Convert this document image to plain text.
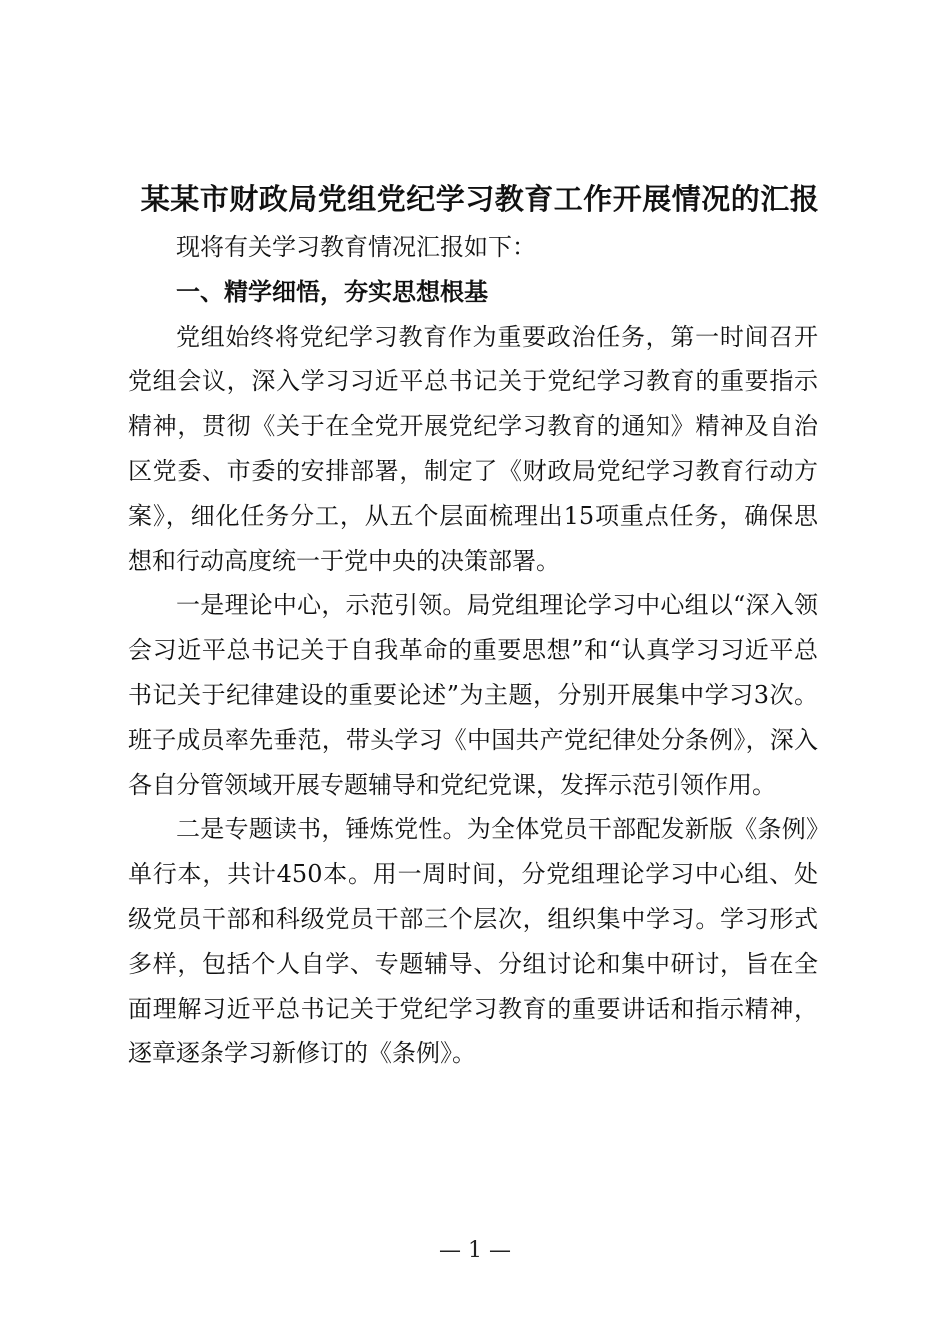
某某市财政局党组党纪学习教育工作开展情况的汇报

现将有关学习教育情况汇报如下：

一、精学细悟，夯实思想根基

党组始终将党纪学习教育作为重要政治任务，第一时间召开党组会议，深入学习习近平总书记关于党纪学习教育的重要指示精神，贯彻《关于在全党开展党纪学习教育的通知》精神及自治区党委、市委的安排部署，制定了《财政局党纪学习教育行动方案》，细化任务分工，从五个层面梳理出15项重点任务，确保思想和行动高度统一于党中央的决策部署。

一是理论中心，示范引领。局党组理论学习中心组以“深入领会习近平总书记关于自我革命的重要思想”和“认真学习习近平总书记关于纪律建设的重要论述”为主题，分别开展集中学习3次。班子成员率先垂范，带头学习《中国共产党纪律处分条例》，深入各自分管领域开展专题辅导和党纪党课，发挥示范引领作用。

二是专题读书，锤炼党性。为全体党员干部配发新版《条例》单行本，共计450本。用一周时间，分党组理论学习中心组、处级党员干部和科级党员干部三个层次，组织集中学习。学习形式多样，包括个人自学、专题辅导、分组讨论和集中研讨，旨在全面理解习近平总书记关于党纪学习教育的重要讲话和指示精神，逐章逐条学习新修订的《条例》。

— 1 —
